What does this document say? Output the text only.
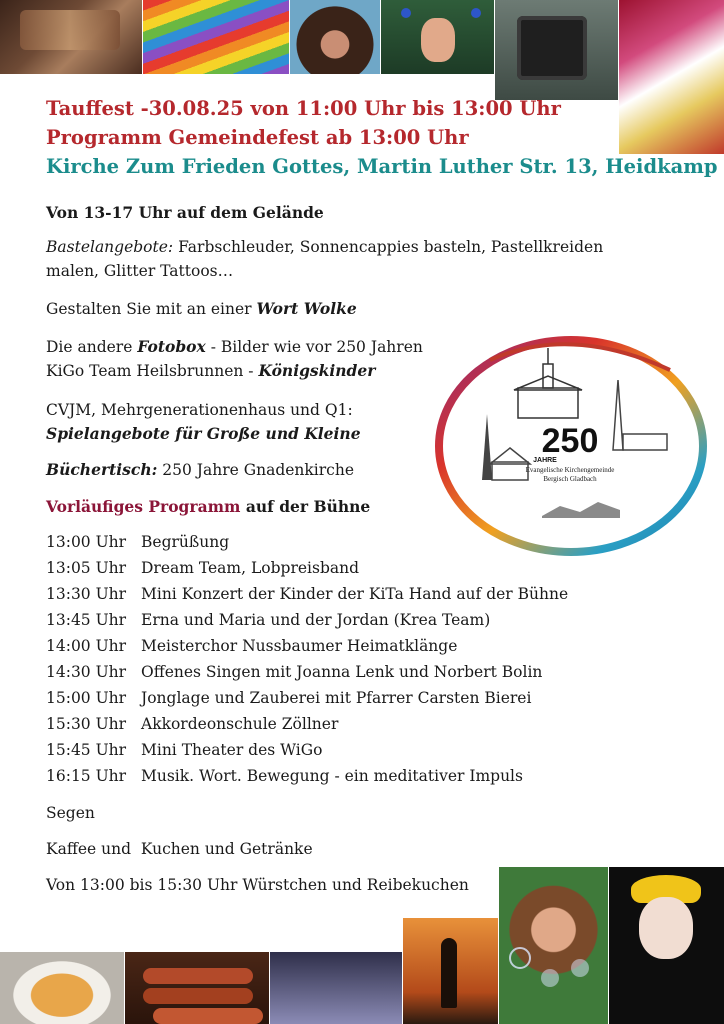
Tauffest -30.08.25 von 11:00 Uhr bis 13:00 Uhr
Programm Gemeindefest ab 13:00 Uhr
Kirche Zum Frieden Gottes, Martin Luther Str. 13, Heidkamp

Von 13-17 Uhr auf dem Gelände

Bastelangebote: Farbschleuder, Sonnencappies basteln, Pastellkreiden
malen, Glitter Tattoos…

Gestalten Sie mit an einer Wort Wolke

Die andere Fotobox - Bilder wie vor 250 Jahren
KiGo Team Heilsbrunnen - Königskinder

CVJM, Mehrgenerationenhaus und Q1:
Spielangebote für Große und Kleine

Büchertisch: 250 Jahre Gnadenkirche

Vorläufiges Programm auf der Bühne

13:00 Uhr Begrüßung
13:05 Uhr Dream Team, Lobpreisband
13:30 Uhr Mini Konzert der Kinder der KiTa Hand auf der Bühne
13:45 Uhr Erna und Maria und der Jordan (Krea Team)
14:00 Uhr Meisterchor Nussbaumer Heimatklänge
14:30 Uhr Offenes Singen mit Joanna Lenk und Norbert Bolin
15:00 Uhr Jonglage und Zauberei mit Pfarrer Carsten Bierei
15:30 Uhr Akkordeonschule Zöllner
15:45 Uhr Mini Theater des WiGo
16:15 Uhr Musik. Wort. Bewegung - ein meditativer Impuls

Segen

Kaffee und  Kuchen und Getränke

Von 13:00 bis 15:30 Uhr Würstchen und Reibekuchen

250
JAHRE
Evangelische Kirchengemeinde
Bergisch Gladbach
